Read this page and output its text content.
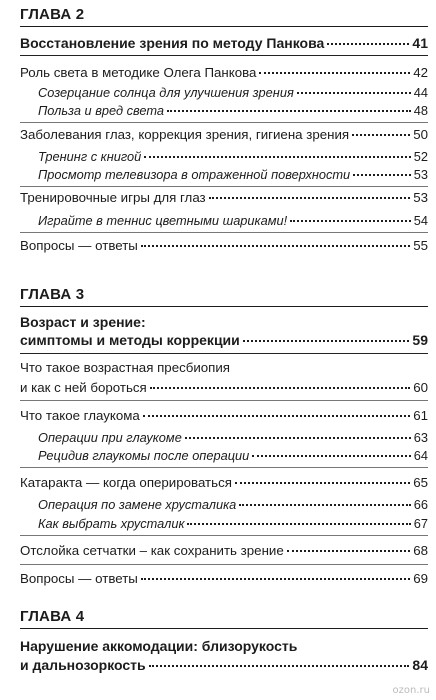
ГЛАВА 2
Восстановление зрения по методу Панкова	41
Роль света в методике Олега Панкова	42
Созерцание солнца для улучшения зрения	44
Польза и вред света	48
Заболевания глаз, коррекция зрения, гигиена зрения	50
Тренинг с книгой	52
Просмотр телевизора в отраженной поверхности	53
Тренировочные игры для глаз	53
Играйте в теннис цветными шариками!	54
Вопросы — ответы	55
ГЛАВА 3
Возраст и зрение:
симптомы и методы коррекции	59
Что такое возрастная пресбиопия
и как с ней бороться	60
Что такое глаукома	61
Операции при глаукоме	63
Рецидив глаукомы после операции	64
Катаракта — когда оперироваться	65
Операция по замене хрусталика	66
Как выбрать хрусталик	67
Отслойка сетчатки – как сохранить зрение	68
Вопросы — ответы	69
ГЛАВА 4
Нарушение аккомодации: близорукость
и дальнозоркость	84
ozon.ru
